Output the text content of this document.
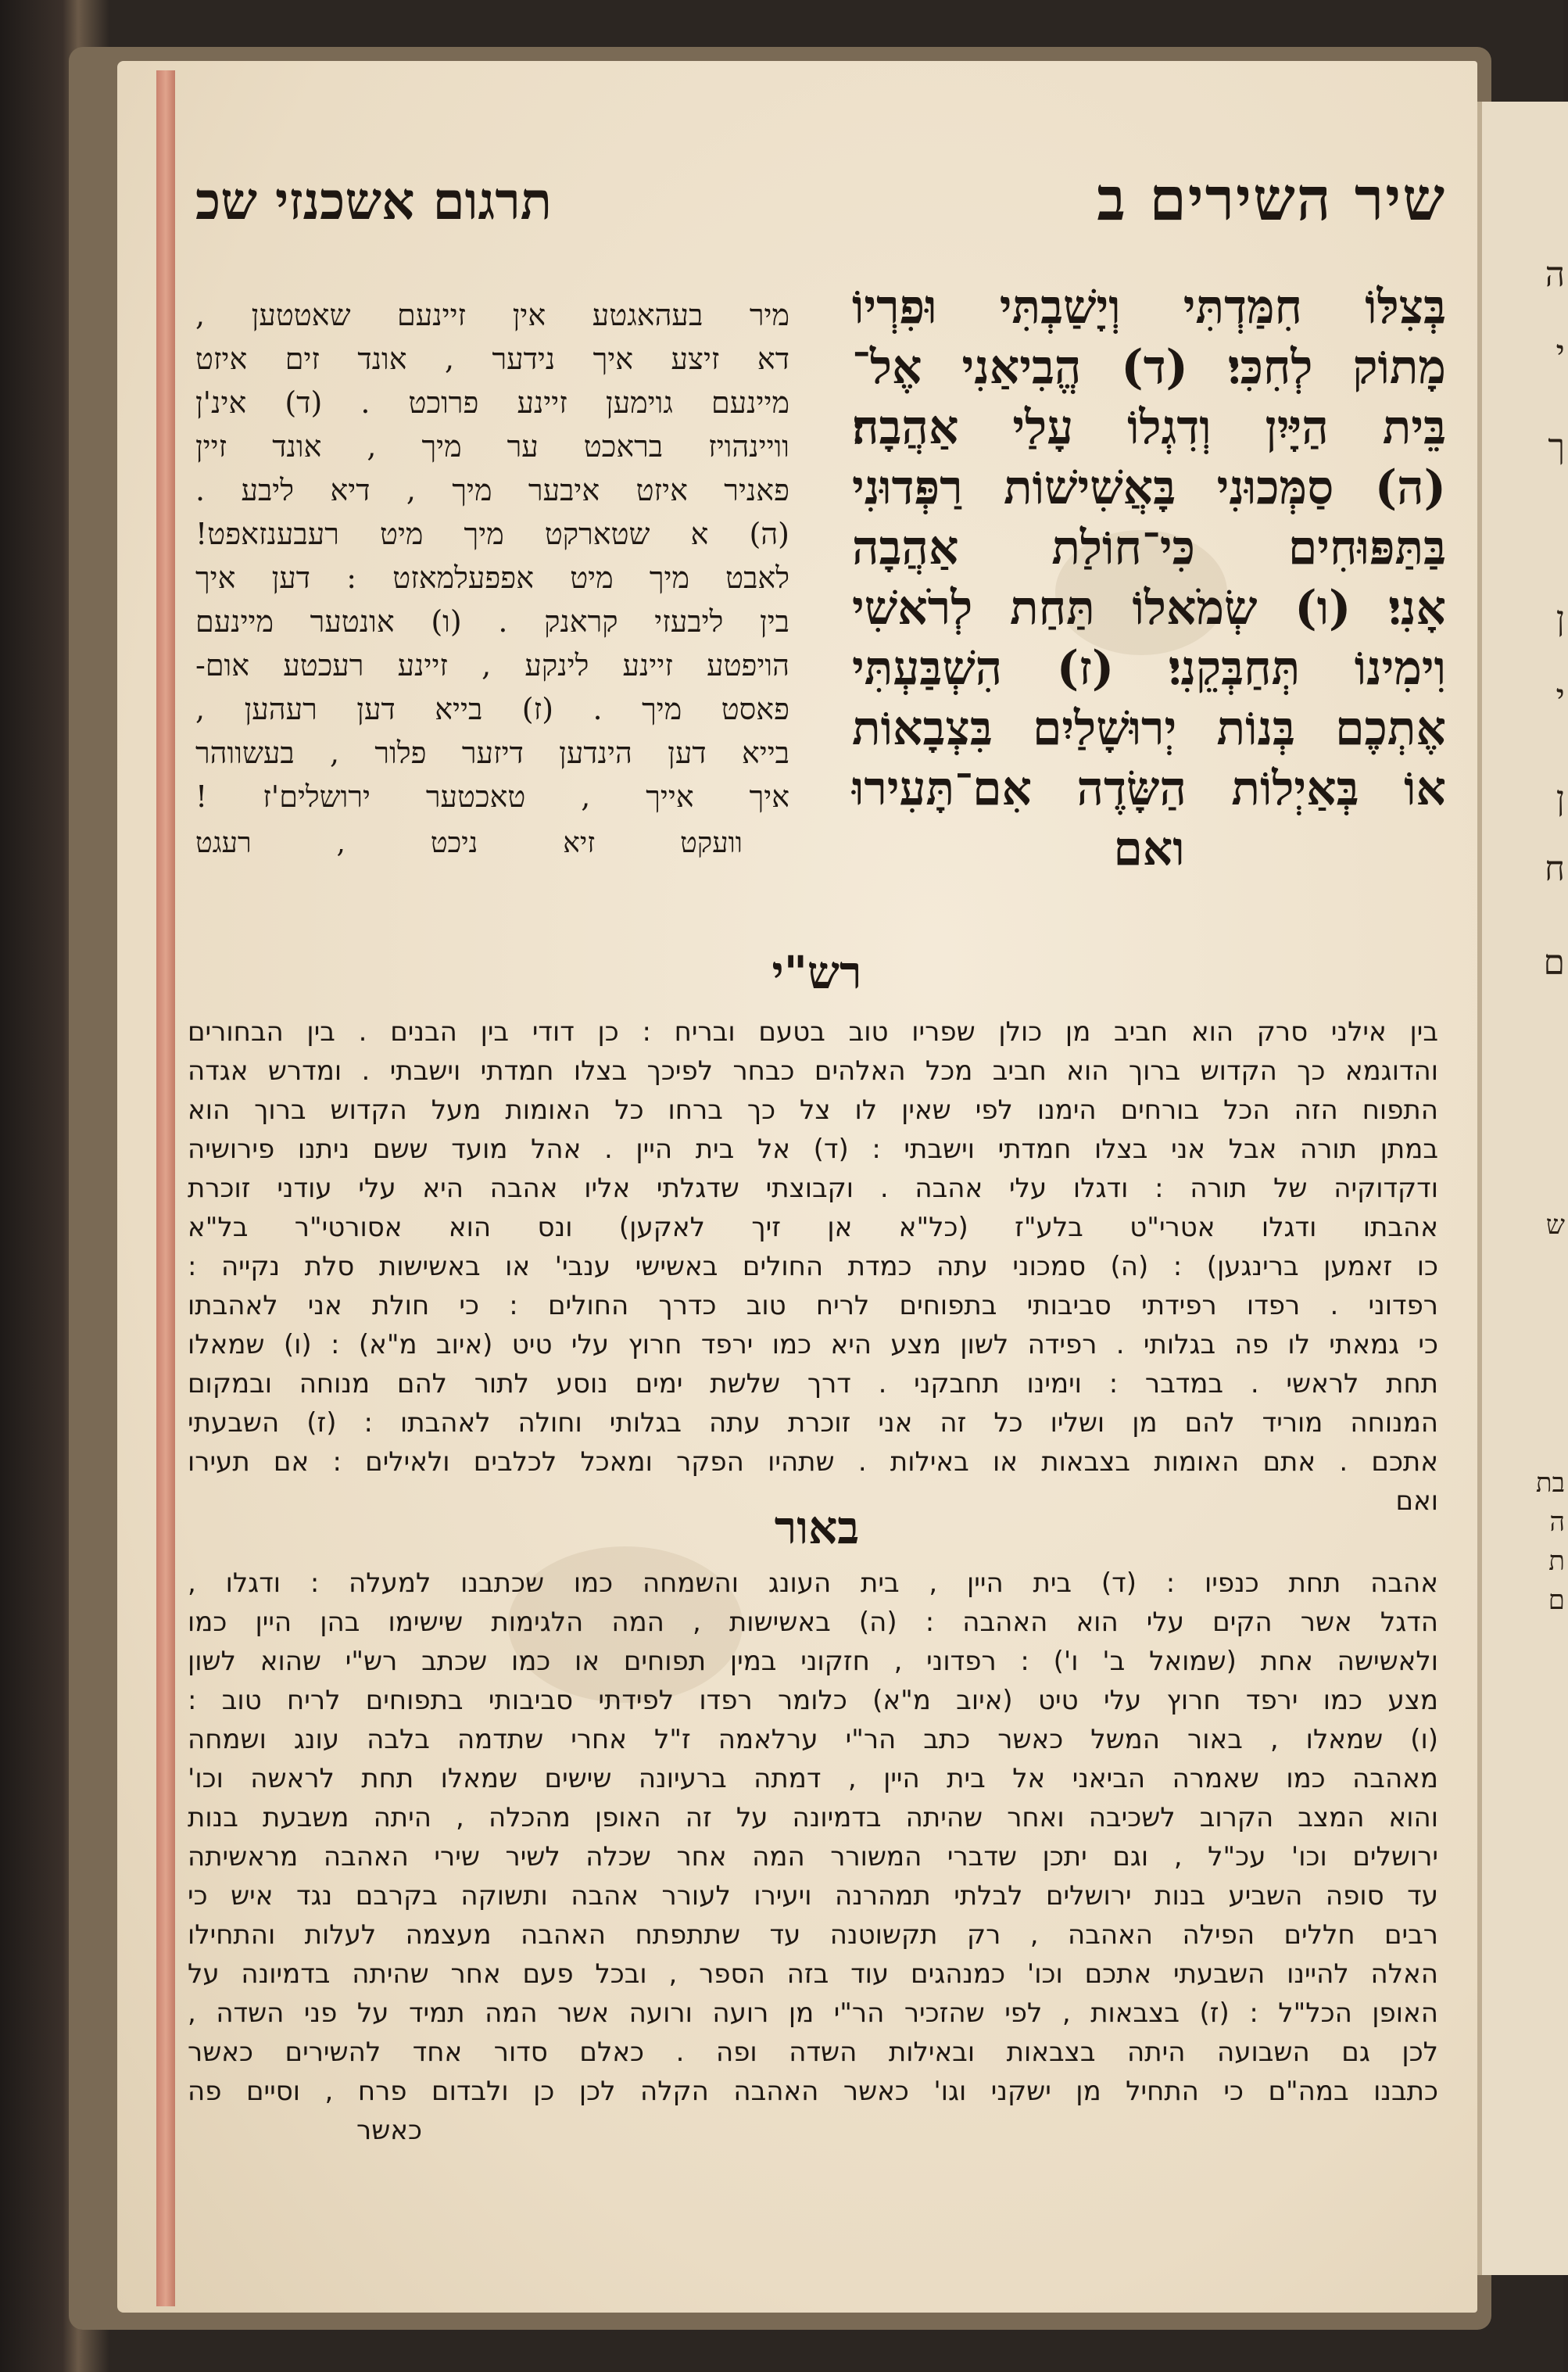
ה
י
ך
ן
י
ן
ח
ם
ש
בת
ה
ת
ם
שיר השירים ב
תרגום אשכנזי שכ
בְּצִלּוֹ חִמַּדְתִּי וְיָשַׁבְתִּי וּפִרְיוֹ
מָתוֹק לְחִכִּי׃ (ד) הֱבִיאַנִי אֶל־
בֵּית הַיָּיִן וְדִגְלוֹ עָלַי אַהֲבָה׃
(ה) סַמְּכוּנִי בָּאֲשִׁישׁוֹת רַפְּדוּנִי
בַּתַּפּוּחִים כִּי־חוֹלַת אַהֲבָה
אָנִי׃ (ו) שְׂמֹאלוֹ תַּחַת לְרֹאשִׁי
וִימִינוֹ תְּחַבְּקֵנִי׃ (ז) הִשְׁבַּעְתִּי
אֶתְכֶם בְּנוֹת יְרוּשָׁלַיִם בִּצְבָאוֹת
אוֹ בְּאַיְלוֹת הַשָּׂדֶה אִם־תָּעִירוּ
ואם
מיר בעהאגטע אין זיינעם שאטטען ,
דא זיצע איך נידער , אונד זים איזט
מיינעם גוימען זיינע פרוכט . (ד) אינ'ן
וויינהויז בראכט ער מיך , אונד זיין
פאניר איזט איבער מיך , דיא ליבע .
(ה) א שטארקט מיך מיט רעבענזאפט!
לאבט מיך מיט אפפעלמאזט : דען איך
בין ליבעזי קראנק . (ו) אונטער מיינעם
הויפטע זיינע לינקע , זיינע רעכטע אום-
פאסט מיך . (ז) בייא דען רעהען ,
בייא דען הינדען דיזער פלור , בעשווהר
איך אייך , טאכטער ירושלים'ז !
וועקט זיא ניכט , רעגט
רש"י
בין אילני סרק הוא חביב מן כולן שפריו טוב בטעם ובריח : כן דודי בין הבנים . בין הבחורים
והדוגמא כך הקדוש ברוך הוא חביב מכל האלהים כבחר לפיכך בצלו חמדתי וישבתי . ומדרש אגדה
התפוח הזה הכל בורחים הימנו לפי שאין לו צל כך ברחו כל האומות מעל הקדוש ברוך הוא
במתן תורה אבל אני בצלו חמדתי וישבתי : (ד) אל בית היין . אהל מועד ששם ניתנו פירושיה
ודקדוקיה של תורה : ודגלו עלי אהבה . וקבוצתי שדגלתי אליו אהבה היא עלי עודני זוכרת
אהבתו ודגלו אטרי"ט בלע"ז (כל"א אן זיך לאקען) ונס הוא אסורטי"ר בל"א
כו זאמען ברינגען) : (ה) סמכוני עתה כמדת החולים באשישי ענבי' או באשישות סלת נקייה :
רפדוני . רפדו רפידתי סביבותי בתפוחים לריח טוב כדרך החולים : כי חולת אני לאהבתו
כי גמאתי לו פה בגלותי . רפידה לשון מצע היא כמו ירפד חרוץ עלי טיט (איוב מ"א) : (ו) שמאלו
תחת לראשי . במדבר : וימינו תחבקני . דרך שלשת ימים נוסע לתור להם מנוחה ובמקום
המנוחה מוריד להם מן ושליו כל זה אני זוכרת עתה בגלותי וחולה לאהבתו : (ז) השבעתי
אתכם . אתם האומות בצבאות או באילות . שתהיו הפקר ומאכל לכלבים ולאילים : אם תעירו
ואם
באור
אהבה תחת כנפיו : (ד) בית היין , בית העונג והשמחה כמו שכתבנו למעלה : ודגלו ,
הדגל אשר הקים עלי הוא האהבה : (ה) באשישות , המה הלגימות שישימו בהן היין כמו
ולאשישה אחת (שמואל ב' ו') : רפדוני , חזקוני במין תפוחים או כמו שכתב רש"י שהוא לשון
מצע כמו ירפד חרוץ עלי טיט (איוב מ"א) כלומר רפדו לפידתי סביבותי בתפוחים לריח טוב :
(ו) שמאלו , באור המשל כאשר כתב הר"י ערלאמה ז"ל אחרי שתדמה בלבה עונג ושמחה
מאהבה כמו שאמרה הביאני אל בית היין , דמתה ברעיונה שישים שמאלו תחת לראשה וכו'
והוא המצב הקרוב לשכיבה ואחר שהיתה בדמיונה על זה האופן מהכלה , היתה משבעת בנות
ירושלים וכו' עכ"ל , וגם יתכן שדברי המשורר המה אחר שכלה לשיר שירי האהבה מראשיתה
עד סופה השביע בנות ירושלים לבלתי תמהרנה ויעירו לעורר אהבה ותשוקה בקרבם נגד איש כי
רבים חללים הפילה האהבה , רק תקשוטנה עד שתתפתח האהבה מעצמה לעלות והתחילו
האלה להיינו השבעתי אתכם וכו' כמנהגים עוד בזה הספר , ובכל פעם אחר שהיתה בדמיונה על
האופן הכל"ל : (ז) בצבאות , לפי שהזכיר הר"י מן רועה ורועה אשר המה תמיד על פני השדה ,
לכן גם השבועה היתה בצבאות ובאילות השדה ופה . כאלם סדור אחד להשירים כאשר
כתבנו במה"ם כי התחיל מן ישקני וגו' כאשר האהבה הקלה לכן כן ולבדום פרח , וסיים פה
כאשר
